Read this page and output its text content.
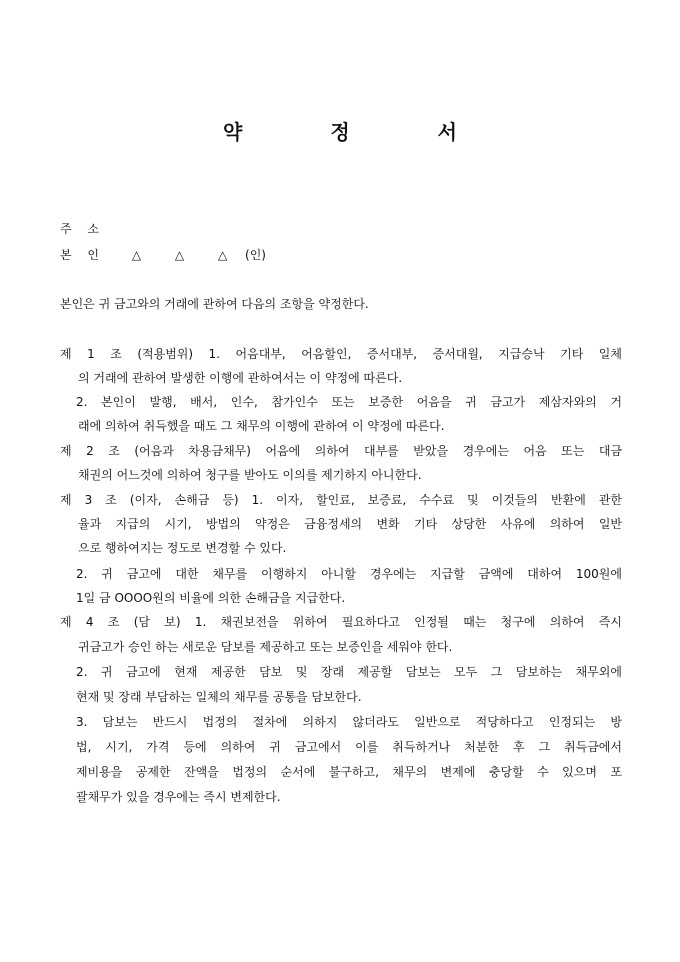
약	정	서
주 소
본 인 △	△	△ (인)
본인은 귀 금고와의 거래에 관하여 다음의 조항을 약정한다.
제 1 조 (적용범위) 1. 어음대부, 어음할인, 증서대부, 증서대월, 지급승낙 기타 일체
의 거래에 관하여 발생한 이행에 관하여서는 이 약정에 따른다.
2. 본인이 발행, 배서, 인수, 참가인수 또는 보증한 어음을 귀 금고가 제삼자와의 거
래에 의하여 취득했을 때도 그 채무의 이행에 관하여 이 약정에 따른다.
제 2 조 (어음과 차용금채무) 어음에 의하여 대부를 받았을 경우에는 어음 또는 대금
채권의 어느것에 의하여 청구를 받아도 이의를 제기하지 아니한다.
제 3 조 (이자, 손해금 등) 1. 이자, 할인료, 보증료, 수수료 및 이것들의 반환에 관한
율과 지급의 시기, 방법의 약정은 금융정세의 변화 기타 상당한 사유에 의하여 일반
으로 행하여지는 정도로 변경할 수 있다.
2. 귀 금고에 대한 채무를 이행하지 아니할 경우에는 지급할 금액에 대하여 100원에
1일 금 OOOO원의 비율에 의한 손해금을 지급한다.
제 4 조 (담 보) 1. 채권보전을 위하여 필요하다고 인정될 때는 청구에 의하여 즉시
귀금고가 승인 하는 새로운 담보를 제공하고 또는 보증인을 세워야 한다.
2. 귀 금고에 현재 제공한 담보 및 장래 제공할 담보는 모두 그 담보하는 채무외에
현재 및 장래 부담하는 일체의 채무를 공통을 담보한다.
3. 담보는 반드시 법정의 절차에 의하지 않더라도 일반으로 적당하다고 인정되는 방
법, 시기, 가격 등에 의하여 귀 금고에서 이를 취득하거나 처분한 후 그 취득금에서
제비용을 공제한 잔액을 법정의 순서에 불구하고, 채무의 변제에 충당할 수 있으며 포
괄채무가 있을 경우에는 즉시 변제한다.
